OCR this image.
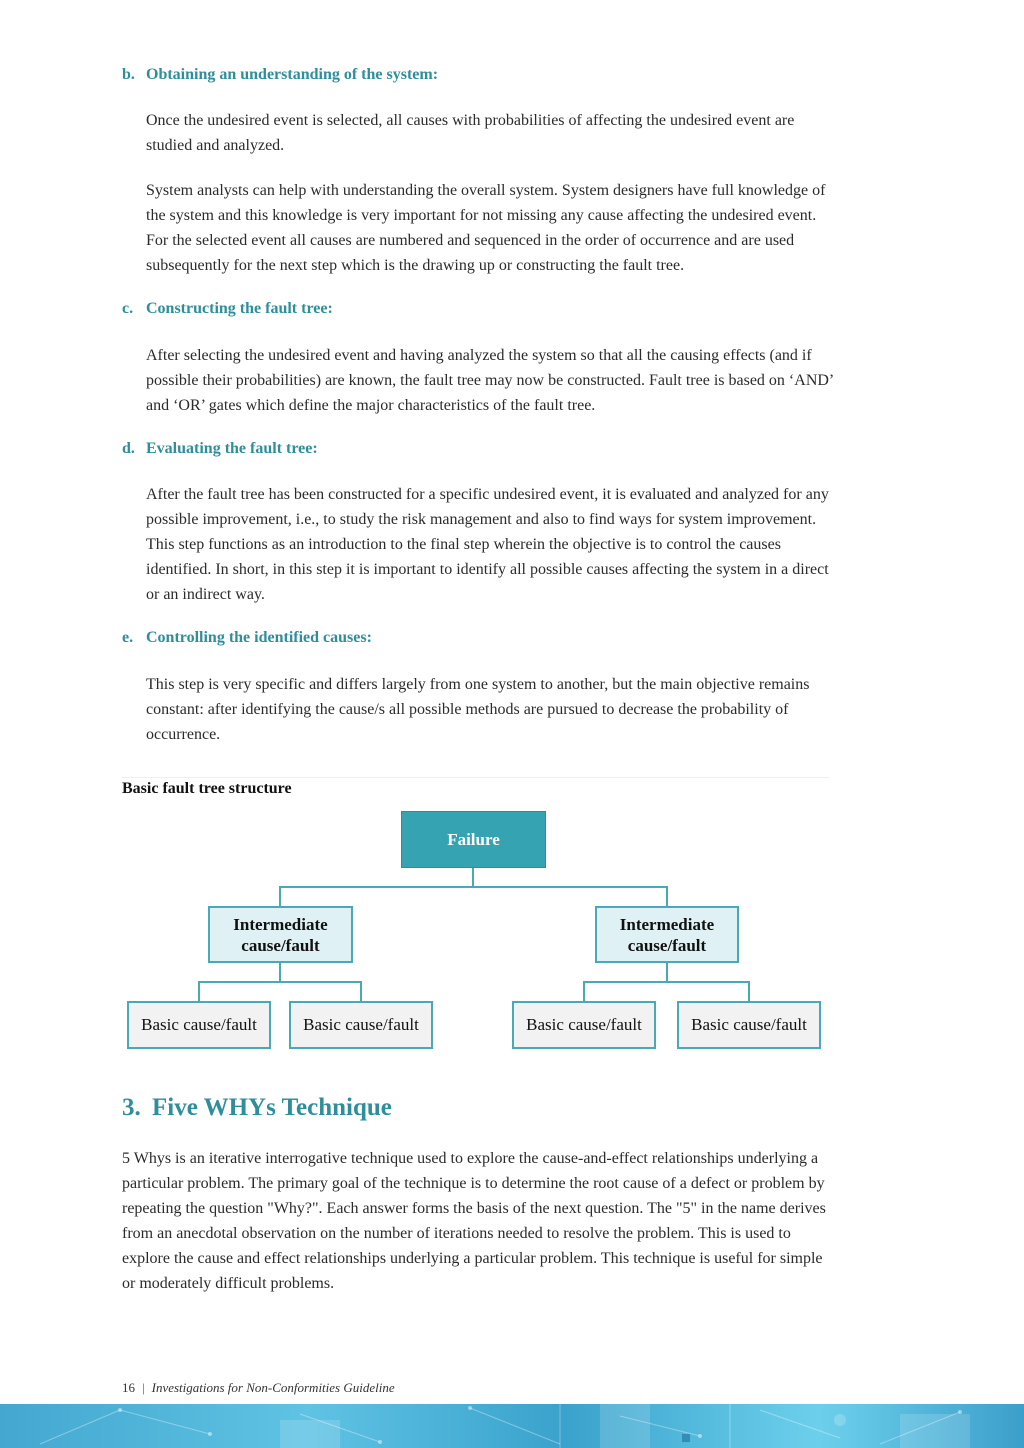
b. Obtaining an understanding of the system:

Once the undesired event is selected, all causes with probabilities of affecting the undesired event are studied and analyzed.

System analysts can help with understanding the overall system. System designers have full knowledge of the system and this knowledge is very important for not missing any cause affecting the undesired event. For the selected event all causes are numbered and sequenced in the order of occurrence and are used subsequently for the next step which is the drawing up or constructing the fault tree.

c. Constructing the fault tree:

After selecting the undesired event and having analyzed the system so that all the causing effects (and if possible their probabilities) are known, the fault tree may now be constructed. Fault tree is based on ‘AND’ and ‘OR’ gates which define the major characteristics of the fault tree.

d. Evaluating the fault tree:

After the fault tree has been constructed for a specific undesired event, it is evaluated and analyzed for any possible improvement, i.e., to study the risk management and also to find ways for system improvement. This step functions as an introduction to the final step wherein the objective is to control the causes identified. In short, in this step it is important to identify all possible causes affecting the system in a direct or an indirect way.

e. Controlling the identified causes:

This step is very specific and differs largely from one system to another, but the main objective remains constant: after identifying the cause/s all possible methods are pursued to decrease the probability of occurrence.

Basic fault tree structure
Failure
Intermediate cause/fault
Intermediate cause/fault
Basic cause/fault	Basic cause/fault	Basic cause/fault	Basic cause/fault
3. Five WHYs Technique

5 Whys is an iterative interrogative technique used to explore the cause-and-effect relationships underlying a particular problem. The primary goal of the technique is to determine the root cause of a defect or problem by repeating the question "Why?". Each answer forms the basis of the next question. The "5" in the name derives from an anecdotal observation on the number of iterations needed to resolve the problem. This is used to explore the cause and effect relationships underlying a particular problem. This technique is useful for simple or moderately difficult problems.

16 | Investigations for Non-Conformities Guideline
